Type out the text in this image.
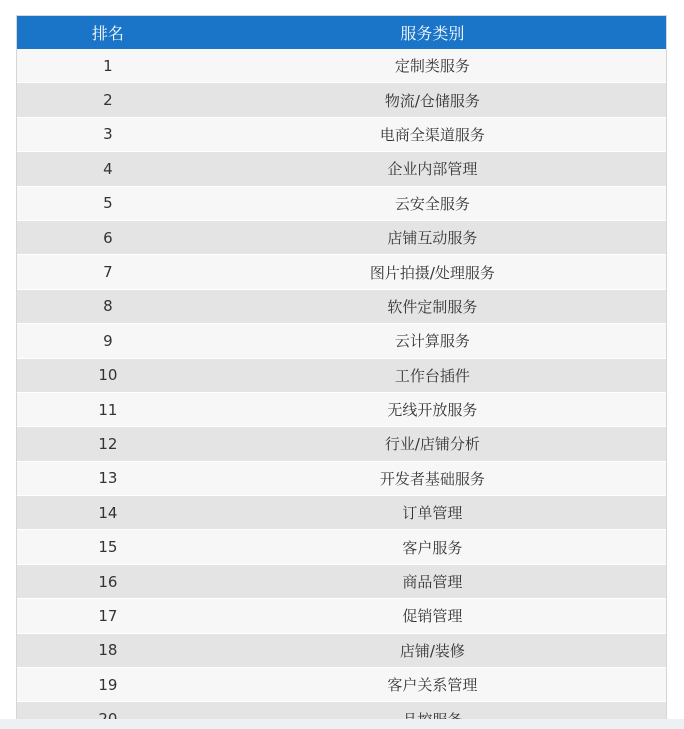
排名	服务类别
1	定制类服务
2	物流/仓储服务
3	电商全渠道服务
4	企业内部管理
5	云安全服务
6	店铺互动服务
7	图片拍摄/处理服务
8	软件定制服务
9	云计算服务
10	工作台插件
11	无线开放服务
12	行业/店铺分析
13	开发者基础服务
14	订单管理
15	客户服务
16	商品管理
17	促销管理
18	店铺/装修
19	客户关系管理
